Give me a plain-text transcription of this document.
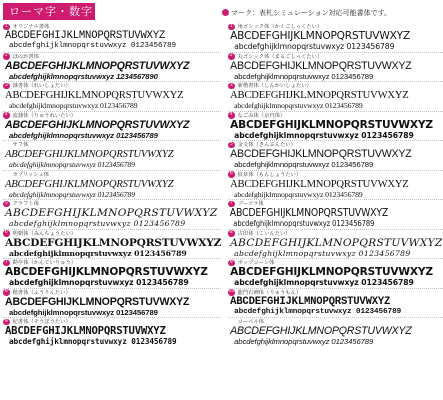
ローマ字・数字	マーク：表札シミュレーション対応可能書体です。
1 オリジナル書体
ABCDEFGHIJKLMNOPQRSTUVWXYZ
abcdefghijklmnopqrstuvwxyz 0123456789
2 ほのか書体
ABCDEFGHIJKLMNOPQRSTUVWXYZ
abcdefghijklmnopqrstuvwxyz 1234567890
3 隷書体（れいしょたい）
ABCDEFGHIJKLMNOPQRSTUVWXYZ
abcdefghijklmnopqrstuvwxyz 0123456789
4 流隷体（りゅうれいたい）
ABCDEFGHIJKLMNOPQRSTUVWXYZ
abcdefghijklmnopqrstuvwxyz 0123456789
サフ体
ABCDEFGHIJKLMNOPQRSTUVWXYZ
abcdefghijklmnopqrstuvwxyz 0123456789
カプリッシェ体
ABCDEFGHIJKLMNOPQRSTUVWXYZ
abcdefghijklmnopqrstuvwxyz 0123456789
5 クラフト体
ABCDEFGHIJKLMNOPQRSTUVWXYZ
abcdefghijklmnopqrstuvwxyz 0123456789
6 明朝体（みんちょうたい）
ABCDEFGHIJKLMNOPQRSTUVWXYZ
abcdefghijklmnopqrstuvwxyz 0123456789
7 勘亭体（かんていりゅう）
ABCDEFGHIJKLMNOPQRSTUVWXYZ
abcdefghijklmnopqrstuvwxyz 0123456789
8 楷書体（ふうりんたい）
ABCDEFGHIJKLMNOPQRSTUVWXYZ
abcdefghijklmnopqrstuvwxyz 0123456789
9 紀書体（そうぼうたい）
ABCDEFGHIJKLMNOPQRSTUVWXYZ
abcdefghijklmnopqrstuvwxyz 0123456789
1 角ゴシック体（かくごしっくたい）
ABCDEFGHIJKLMNOPQRSTUVWXYZ
abcdefghijklmnopqrstuvwxyz 0123456789
2 丸ゴシック体（まるごしっくたい）
ABCDEFGHIJKLMNOPQRSTUVWXYZ
abcdefghijklmnopqrstuvwxyz 0123456789
3 新楷書体（しんかいしょたい）
ABCDEFGHIJKLMNOPQRSTUVWXYZ
abcdefghijklmnopqrstuvwxyz 0123456789
4 なごみ体（京円体）
ABCDEFGHIJKLMNOPQRSTUVWXYZ
abcdefghijklmnopqrstuvwxyz 0123456789
5 金文体（きんぶんたい）
ABCDEFGHIJKLMNOPQRSTUVWXYZ
abcdefghijklmnopqrstuvwxyz 0123456789
6 紋章体（もんしょうたい）
ABCDEFGHIJKLMNOPQRSTUVWXYZ
abcdefghijklmnopqrstuvwxyz 0123456789
7 ブーツラ体
ABCDEFGHIJKLMNOPQRSTUVWXYZ
abcdefghijklmnopqrstuvwxyz 0123456789
8 古印体（こいんたい）
ABCDEFGHIJKLMNOPQRSTUVWXYZ
abcdefghijklmnopqrstuvwxyz 0123456789
9 ポップコーン体
ABCDEFGHIJKLMNOPQRSTUVWXYZ
abcdefghijklmnopqrstuvwxyz 0123456789
10 龍門石碑体（りゅうもん）
ABCDEFGHIJKLMNOPQRSTUVWXYZ
abcdefghijklmnopqrstuvwxyz 0123456789
コーペル体
ABCDEFGHIJKLMNOPQRSTUVWXYZ
abcdefghijklmnopqrstuvwxyz 0123456789
